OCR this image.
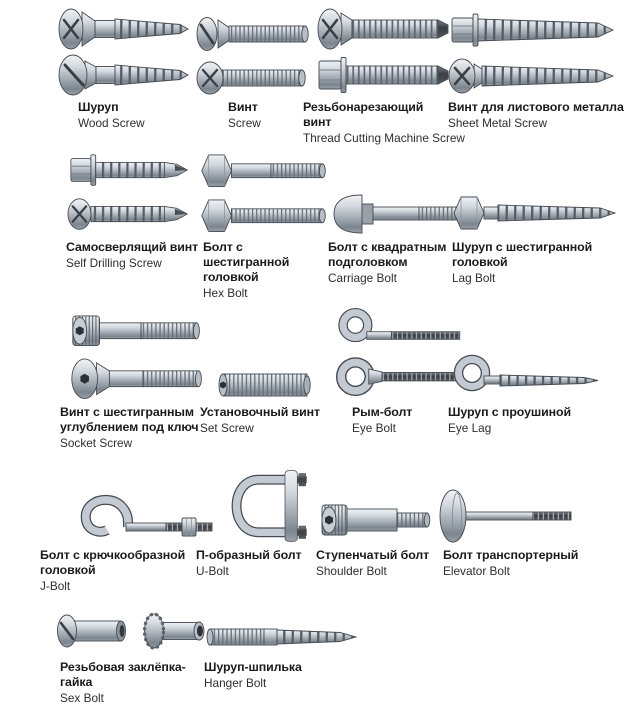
Шуруп
Wood Screw
Винт
Screw
Резьбонарезающий винт
Thread Cutting Machine Screw
Винт для листового металла
Sheet Metal Screw
Самосверлящий винт
Self Drilling Screw
Болт с шестигранной головкой
Hex Bolt
Болт с квадратным подголовком
Carriage Bolt
Шуруп с шестигранной головкой
Lag Bolt
Винт с шестигранным углублением под ключ
Socket Screw
Установочный винт
Set Screw
Рым-болт
Eye Bolt
Шуруп с проушиной
Eye Lag
Болт с крючкообразной головкой
J-Bolt
П-образный болт
U-Bolt
Ступенчатый болт
Shoulder Bolt
Болт транспортерный
Elevator Bolt
Резьбовая заклёпка-гайка
Sex Bolt
Шуруп-шпилька
Hanger Bolt
